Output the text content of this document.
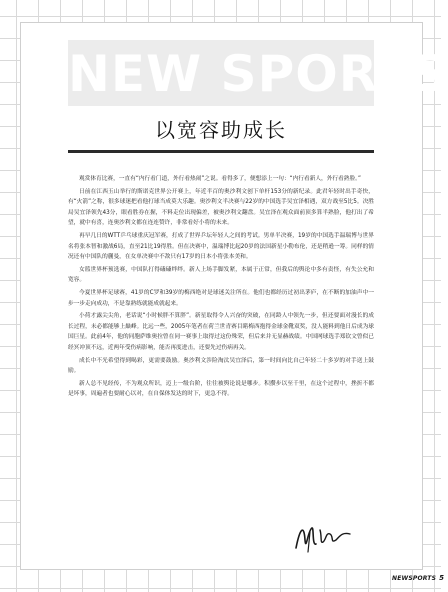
NEW SPORTS
以宽容助成长

观赏体育比赛，一直有“内行看门道，外行看热闹”之说。看得多了，便想添上一句：“内行看新人，外行看熟脸。”

日前在江西玉山举行的斯诺克世界公开赛上，年近半百的奥沙利文创下单杆153分的新纪录。此君年轻时出手奇快，有“火箭”之称，很多球迷把看他打球当成莫大乐趣。奥沙利文半决赛与22岁的中国选手吴宜泽相遇，双方战至5比5。决胜局吴宜泽领先43分，眼看胜券在握，不料走位出现偏差，被奥沙利文翻盘。吴宜泽在观众面前顶多算半熟脸，他打出了希望，就中有喜，连奥沙利文都在连连赞许，非常看好小将的未来。

再早几日的WTT乒乓球重庆冠军赛，打成了世界乒坛年轻人之间的考试。男单半决赛，19岁的中国选手温瑞博与世界名将张本智和激战6局，直至21比19得胜。但在决赛中，温瑞博比起20岁的法国新星小勒布伦，还是稍逊一筹。同样的情况还有中国队的蒯曼，在女单决赛中不敌只有17岁的日本小将张本美和。

女篮世界杯预选赛，中国队打得磕磕绊绊。新人上场手脚发紧，本属于正常，但我后的舆论中多有责怪，有失公允和宽容。

今夏世界杯足球赛，41岁的C罗和39岁的梅西绝对是球迷关注所在。他们也都经历过初出茅庐，在不断的加油声中一步一步走向成功，不是靠熟练就能成就起来。

小荷才露尖尖角，老话说“小时候胖不算胖”。新星取得令人兴奋的突破，在同龄人中领先一步，但还要面对漫长的成长过程，未必都能够上巅峰。比远一些，2005年笔者在荷兰世青赛目睹梅西抱得金球金靴双奖，没人能料到他日后成为球国巨星。此前4年，他的同胞萨维奥拉曾在同一赛事上取得过这份殊荣，但后来并无显赫战绩。中国网球选手郑钦文曾似已经冥冲顶不远，近两年受伤病影响，能否再度进击，还要先过伤病再关。

成长中不光希望得到喝彩，更需要鼓励。奥沙利文涉险淘汰吴宜泽后，第一时间向比自己年轻二十多岁的对手送上鼓励。

新人总不见经传，不为观众所识，迈上一级台阶，往往被舆论说是哪步。积攒步以至千里，在这个过程中，挫折不都是坏事，周遍者也要耐心以对，在自保体发达的时下，更急不得。

NEWSPORTS 5
